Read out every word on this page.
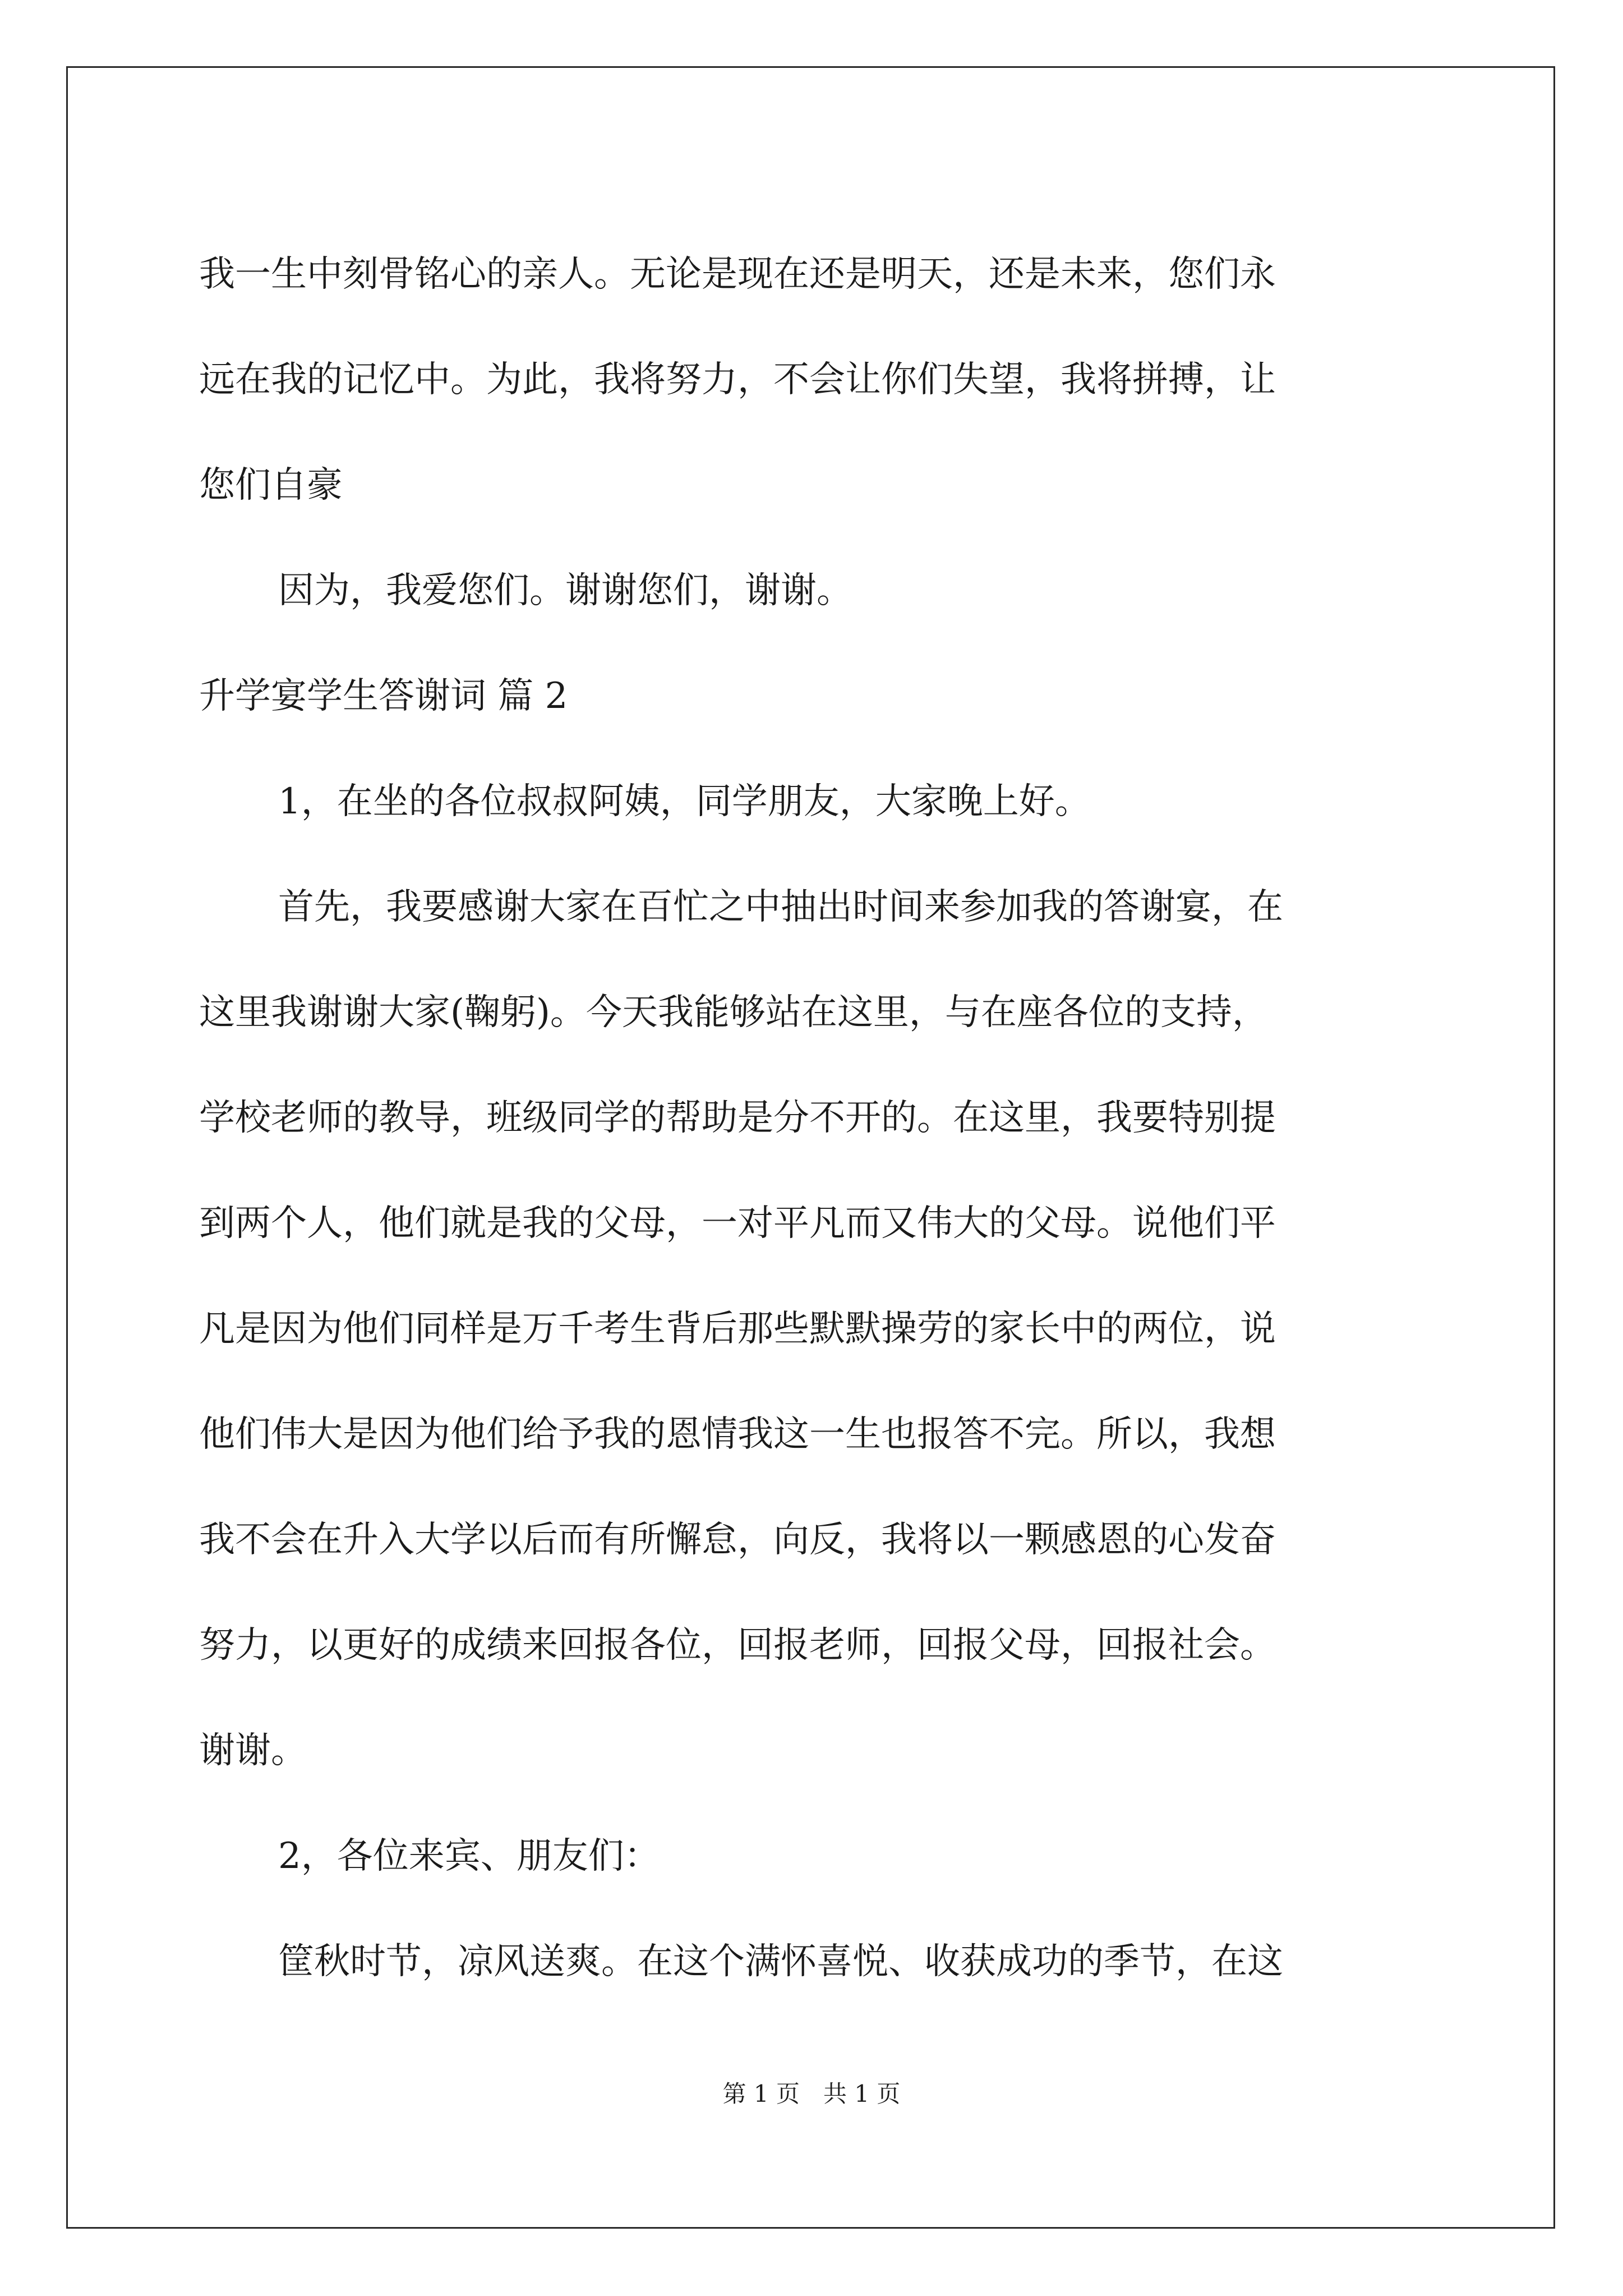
我一生中刻骨铭心的亲人。无论是现在还是明天，还是未来，您们永

远在我的记忆中。为此，我将努力，不会让你们失望，我将拼搏，让

您们自豪

因为，我爱您们。谢谢您们，谢谢。

升学宴学生答谢词 篇 2

1，在坐的各位叔叔阿姨，同学朋友，大家晚上好。

首先，我要感谢大家在百忙之中抽出时间来参加我的答谢宴，在

这里我谢谢大家(鞠躬)。今天我能够站在这里，与在座各位的支持，

学校老师的教导，班级同学的帮助是分不开的。在这里，我要特别提

到两个人，他们就是我的父母，一对平凡而又伟大的父母。说他们平

凡是因为他们同样是万千考生背后那些默默操劳的家长中的两位，说

他们伟大是因为他们给予我的恩情我这一生也报答不完。所以，我想

我不会在升入大学以后而有所懈怠，向反，我将以一颗感恩的心发奋

努力，以更好的成绩来回报各位，回报老师，回报父母，回报社会。

谢谢。

2，各位来宾、朋友们：

筐秋时节，凉风送爽。在这个满怀喜悦、收获成功的季节，在这

第 1 页　共 1 页
